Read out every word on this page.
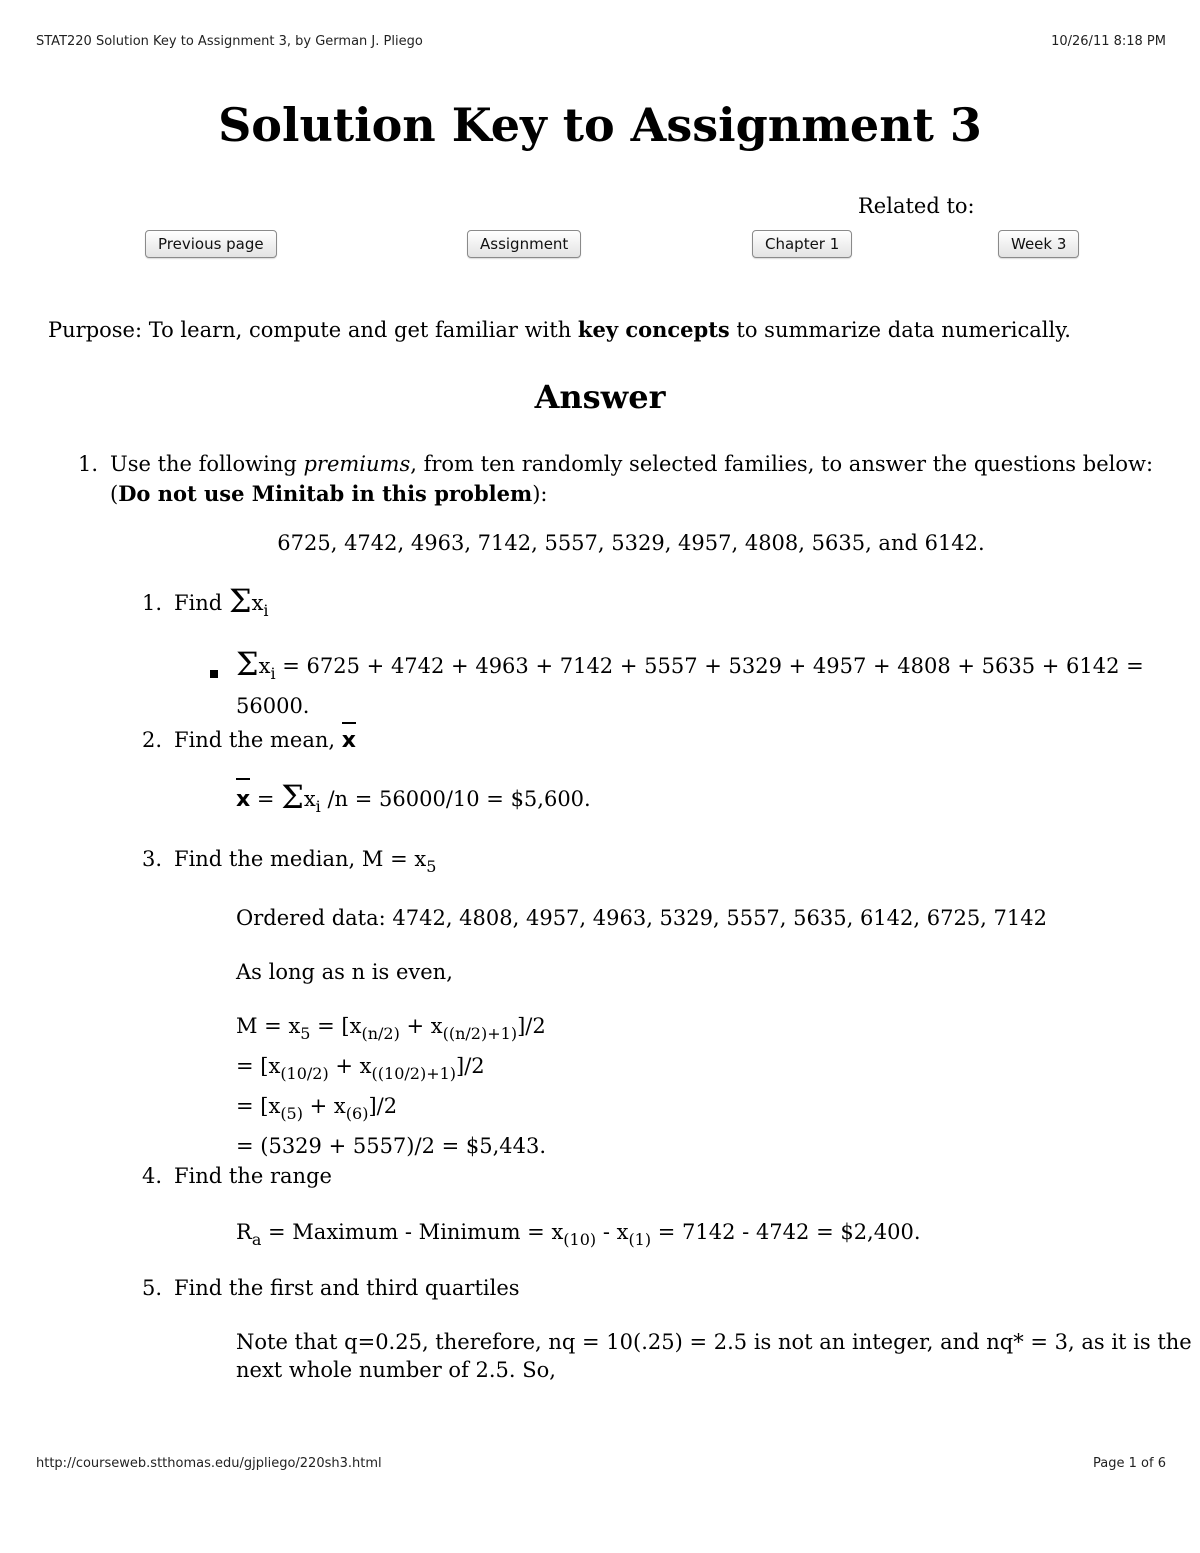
STAT220 Solution Key to Assignment 3, by German J. Pliego	10/26/11 8:18 PM
Solution Key to Assignment 3
Related to:
Previous page	Assignment	Chapter 1	Week 3
Purpose: To learn, compute and get familiar with key concepts to summarize data numerically.
Answer
1. Use the following premiums, from ten randomly selected families, to answer the questions below: (Do not use Minitab in this problem):
6725, 4742, 4963, 7142, 5557, 5329, 4957, 4808, 5635, and 6142.
1. Find $\Sigma x_i$
$\Sigma x_i = 6725 + 4742 + 4963 + 7142 + 5557 + 5329 + 4957 + 4808 + 5635 + 6142 = 56000$.
2. Find the mean, x
$x = \Sigma x_i$ /n = 56000/10 = $5,600.
3. Find the median, $M = x_5$
Ordered data: 4742, 4808, 4957, 4963, 5329, 5557, 5635, 6142, 6725, 7142
As long as n is even,
$M = x_5 = [x_{(n/2)} + x_{((n/2)+1)}]/2$
= $[x_{(10/2)} + x_{((10/2)+1)}]/2$
= $[x_{(5)} + x_{(6)}]/2$
= (5329 + 5557)/2 = $5,443.
4. Find the range
$R_a$ = Maximum - Minimum = $x_{(10)} - x_{(1)} = 7142 - 4742$ = $2,400.
5. Find the first and third quartiles
Note that q=0.25, therefore, nq = 10(.25) = 2.5 is not an integer, and nq* = 3, as it is the
next whole number of 2.5. So,
http://courseweb.stthomas.edu/gjpliego/220sh3.html	Page 1 of 6
